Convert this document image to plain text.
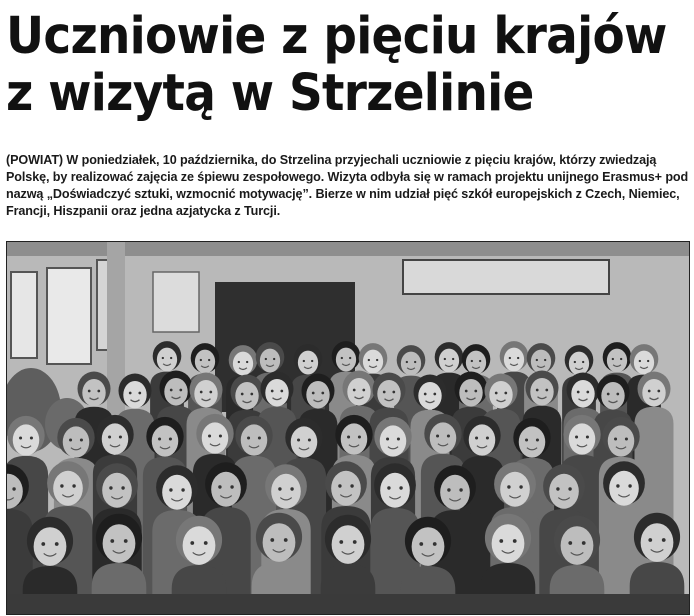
Uczniowie z pięciu krajów
z wizytą w Strzelinie

(POWIAT) W poniedziałek, 10 października, do Strzelina przyjechali uczniowie z pięciu krajów, którzy zwiedzają Polskę, by realizować zajęcia ze śpiewu zespołowego. Wizyta odbyła się w ramach projektu unijnego Erasmus+ pod nazwą „Doświadczyć sztuki, wzmocnić motywację”. Bierze w nim udział pięć szkół europejskich z Czech, Niemiec, Francji, Hiszpanii oraz jedna azjatycka z Turcji.
